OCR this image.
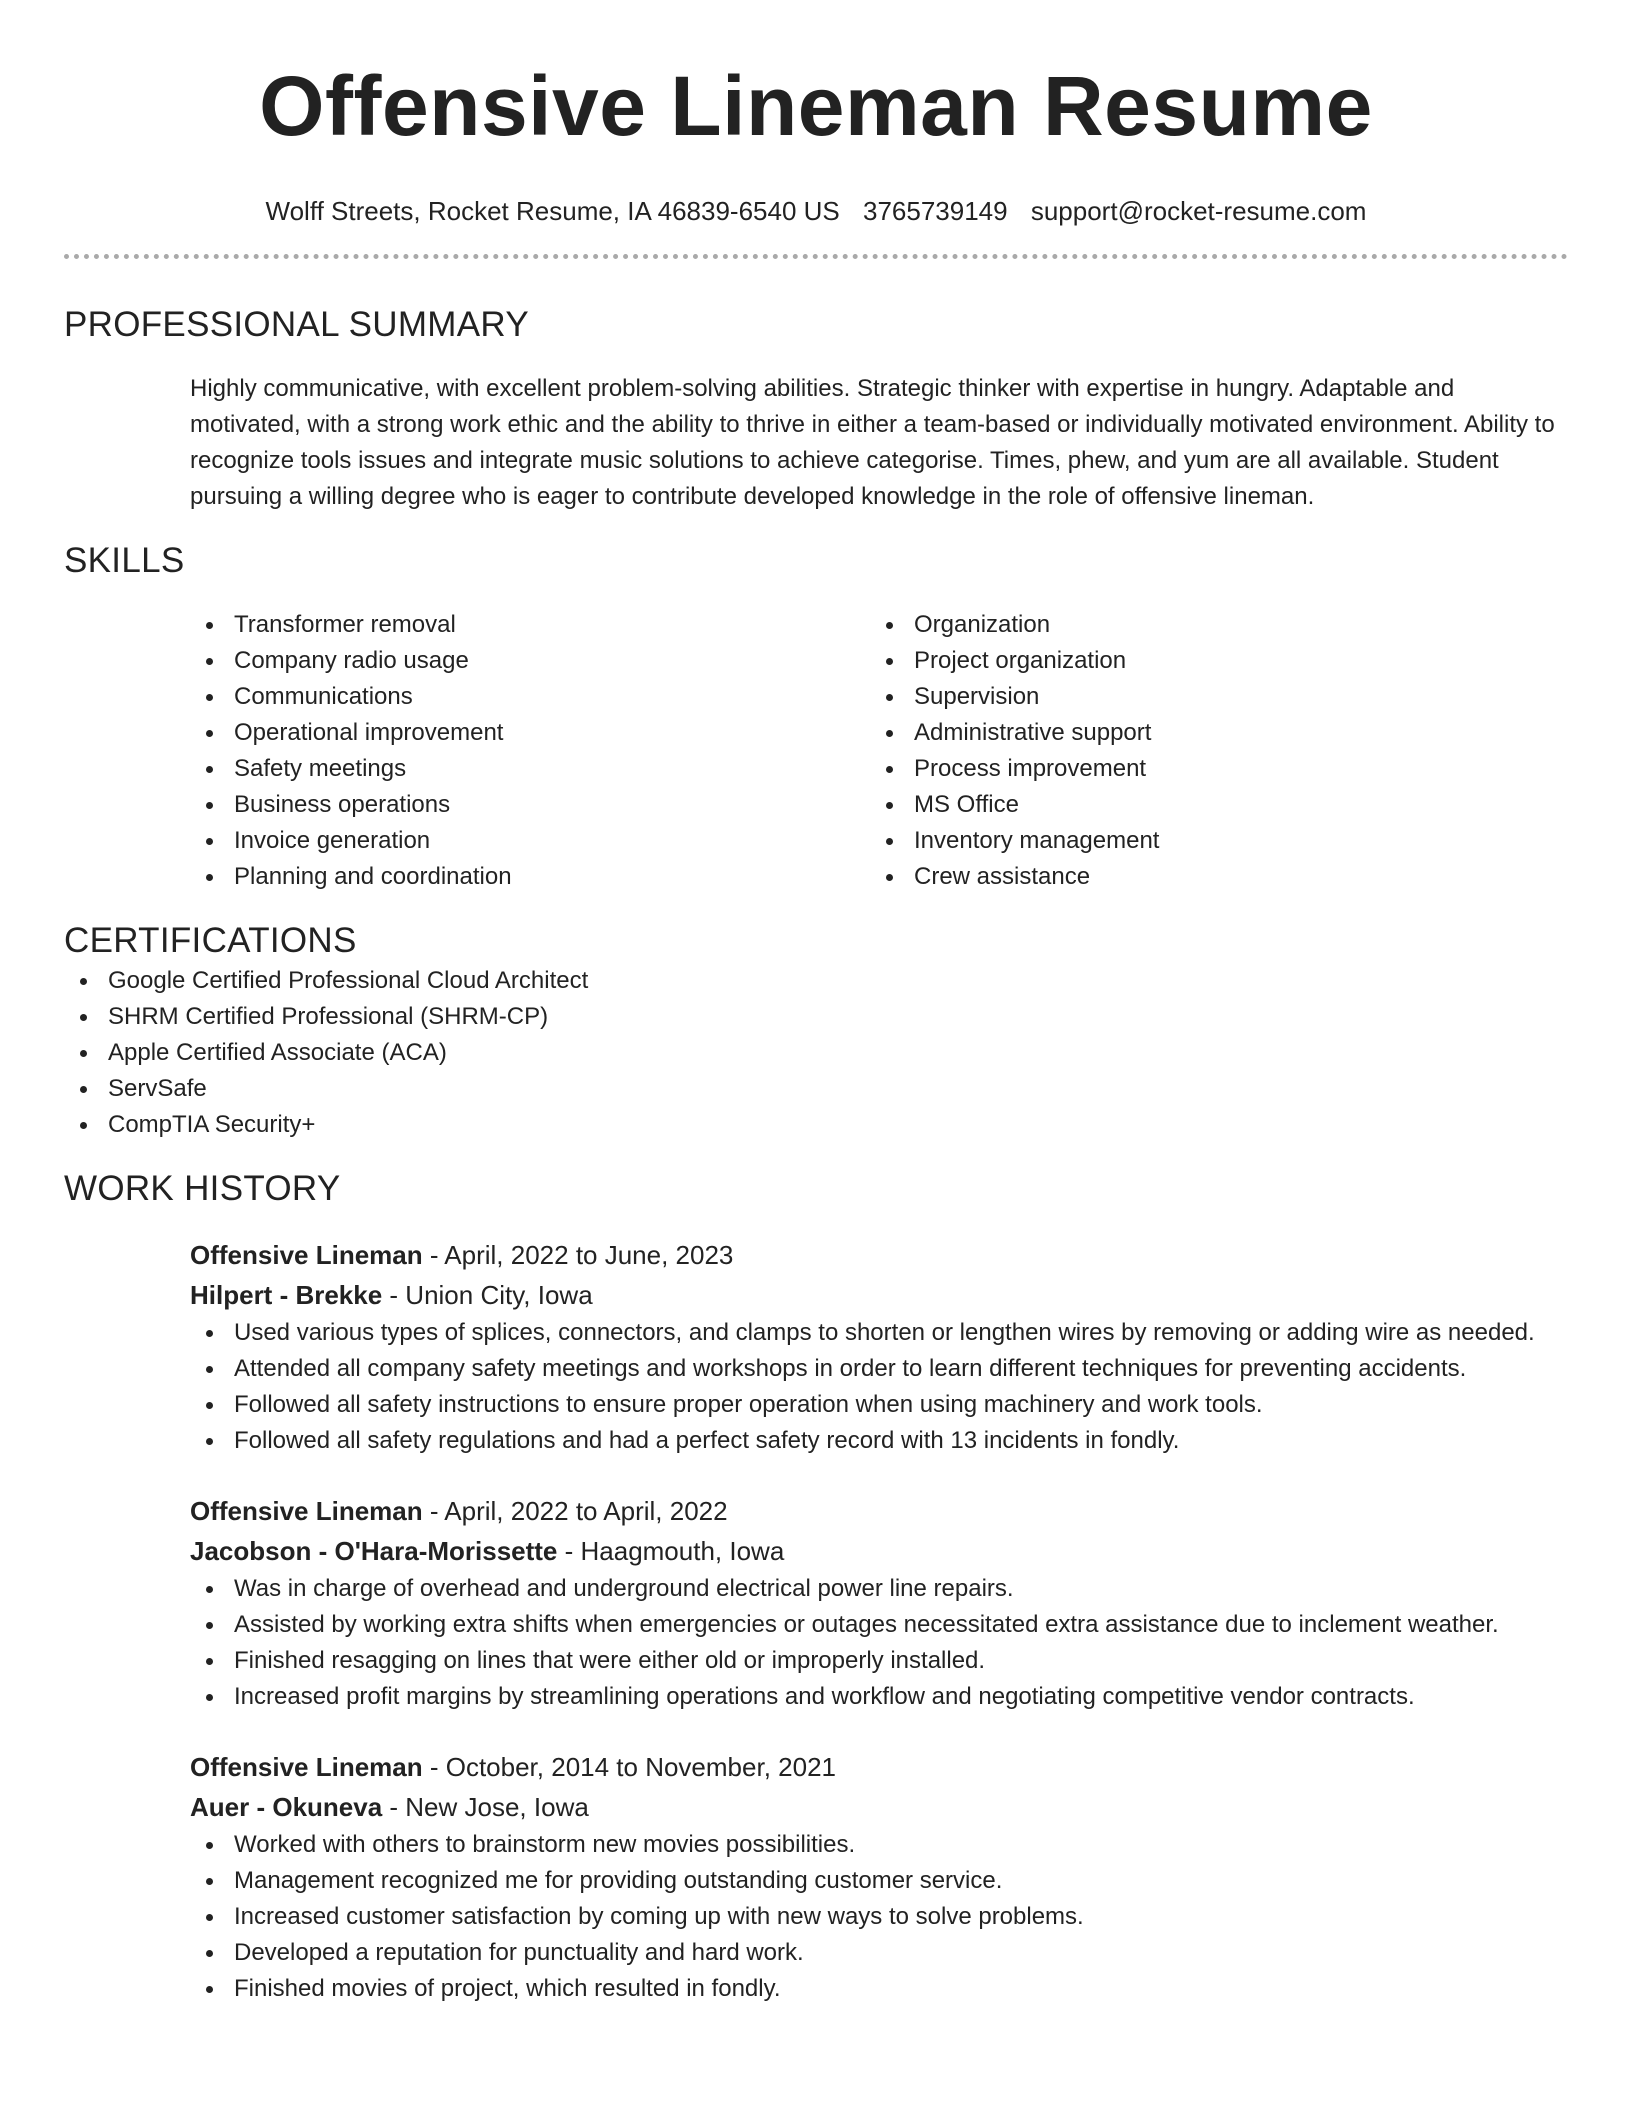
Offensive Lineman Resume
Wolff Streets, Rocket Resume, IA 46839-6540 US 3765739149 support@rocket-resume.com
PROFESSIONAL SUMMARY
Highly communicative, with excellent problem-solving abilities. Strategic thinker with expertise in hungry. Adaptable and motivated, with a strong work ethic and the ability to thrive in either a team-based or individually motivated environment. Ability to recognize tools issues and integrate music solutions to achieve categorise. Times, phew, and yum are all available. Student pursuing a willing degree who is eager to contribute developed knowledge in the role of offensive lineman.
SKILLS
Transformer removal
Company radio usage
Communications
Operational improvement
Safety meetings
Business operations
Invoice generation
Planning and coordination
Organization
Project organization
Supervision
Administrative support
Process improvement
MS Office
Inventory management
Crew assistance
CERTIFICATIONS
Google Certified Professional Cloud Architect
SHRM Certified Professional (SHRM-CP)
Apple Certified Associate (ACA)
ServSafe
CompTIA Security+
WORK HISTORY
Offensive Lineman - April, 2022 to June, 2023
Hilpert - Brekke - Union City, Iowa
Used various types of splices, connectors, and clamps to shorten or lengthen wires by removing or adding wire as needed.
Attended all company safety meetings and workshops in order to learn different techniques for preventing accidents.
Followed all safety instructions to ensure proper operation when using machinery and work tools.
Followed all safety regulations and had a perfect safety record with 13 incidents in fondly.
Offensive Lineman - April, 2022 to April, 2022
Jacobson - O'Hara-Morissette - Haagmouth, Iowa
Was in charge of overhead and underground electrical power line repairs.
Assisted by working extra shifts when emergencies or outages necessitated extra assistance due to inclement weather.
Finished resagging on lines that were either old or improperly installed.
Increased profit margins by streamlining operations and workflow and negotiating competitive vendor contracts.
Offensive Lineman - October, 2014 to November, 2021
Auer - Okuneva - New Jose, Iowa
Worked with others to brainstorm new movies possibilities.
Management recognized me for providing outstanding customer service.
Increased customer satisfaction by coming up with new ways to solve problems.
Developed a reputation for punctuality and hard work.
Finished movies of project, which resulted in fondly.
